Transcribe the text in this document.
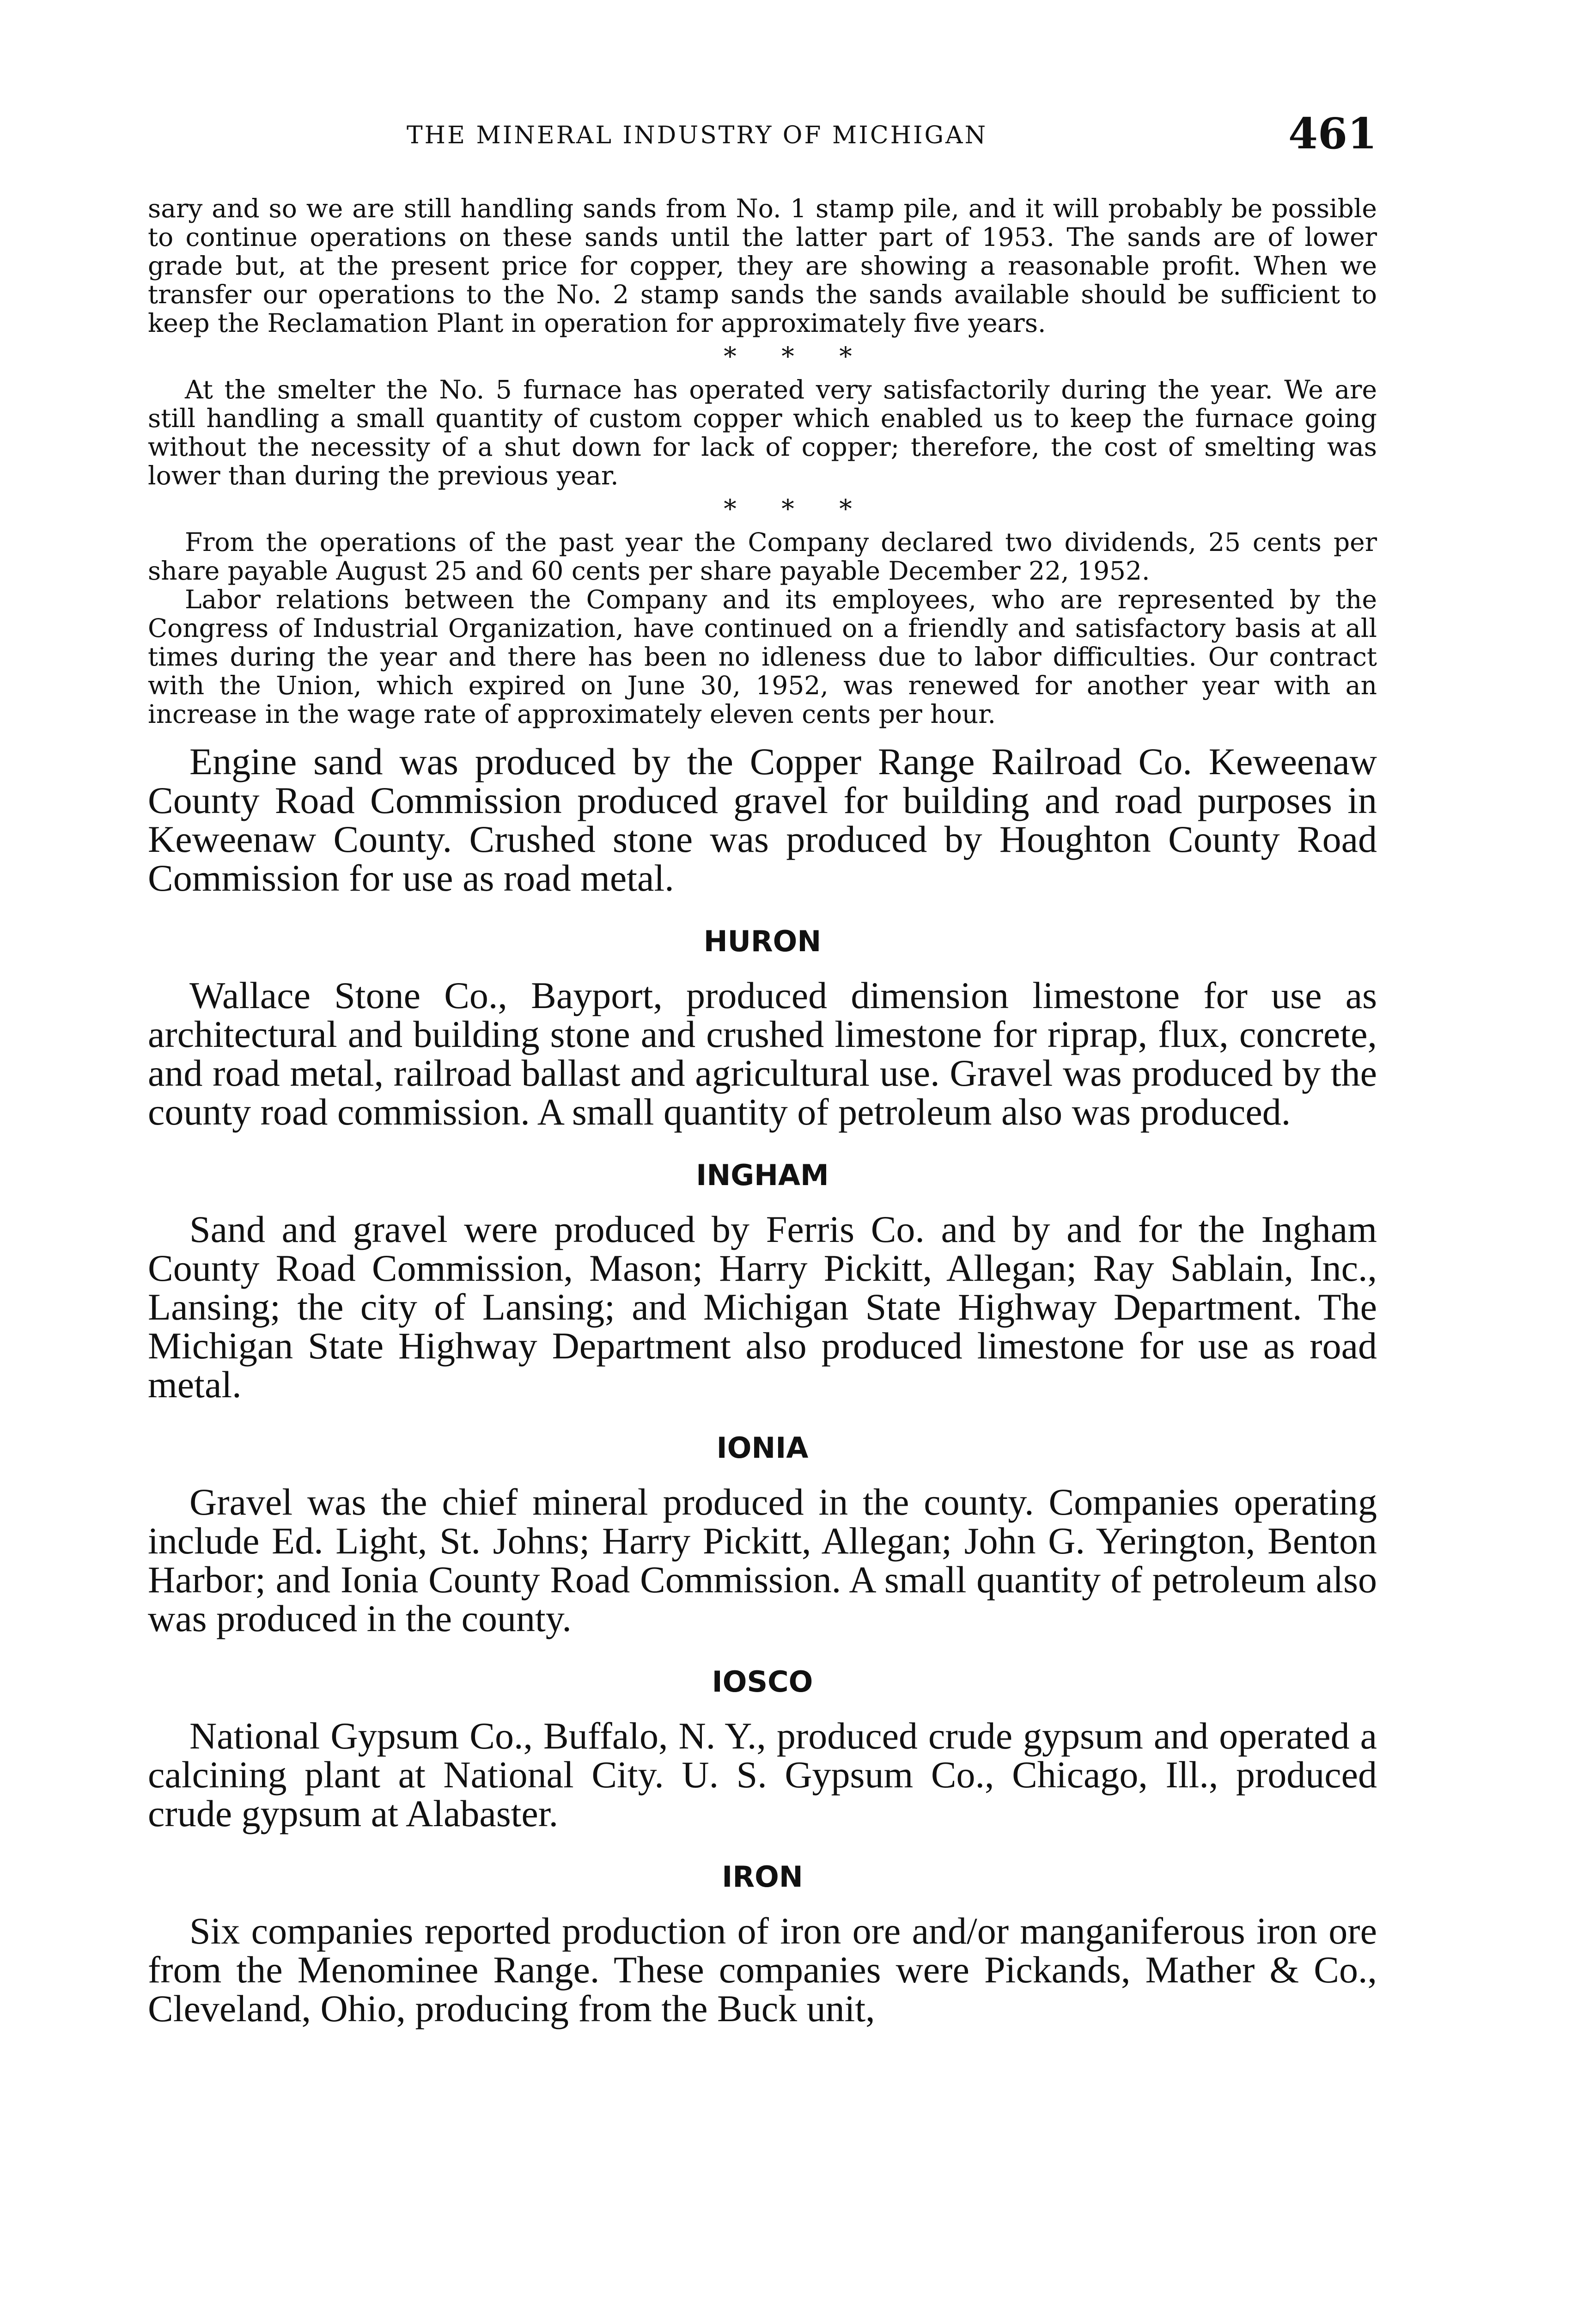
THE MINERAL INDUSTRY OF MICHIGAN	461

sary and so we are still handling sands from No. 1 stamp pile, and it will probably be possible to continue operations on these sands until the latter part of 1953. The sands are of lower grade but, at the present price for copper, they are showing a reasonable profit. When we transfer our operations to the No. 2 stamp sands the sands available should be sufficient to keep the Reclamation Plant in operation for approximately five years.

* * *

At the smelter the No. 5 furnace has operated very satisfactorily during the year. We are still handling a small quantity of custom copper which enabled us to keep the furnace going without the necessity of a shut down for lack of copper; therefore, the cost of smelting was lower than during the previous year.

* * *

From the operations of the past year the Company declared two dividends, 25 cents per share payable August 25 and 60 cents per share payable December 22, 1952.

Labor relations between the Company and its employees, who are represented by the Congress of Industrial Organization, have continued on a friendly and satisfactory basis at all times during the year and there has been no idleness due to labor difficulties. Our contract with the Union, which expired on June 30, 1952, was renewed for another year with an increase in the wage rate of approximately eleven cents per hour.

Engine sand was produced by the Copper Range Railroad Co. Keweenaw County Road Commission produced gravel for building and road purposes in Keweenaw County. Crushed stone was produced by Houghton County Road Commission for use as road metal.

HURON

Wallace Stone Co., Bayport, produced dimension limestone for use as architectural and building stone and crushed limestone for riprap, flux, concrete, and road metal, railroad ballast and agricultural use. Gravel was produced by the county road commission. A small quantity of petroleum also was produced.

INGHAM

Sand and gravel were produced by Ferris Co. and by and for the Ingham County Road Commission, Mason; Harry Pickitt, Allegan; Ray Sablain, Inc., Lansing; the city of Lansing; and Michigan State Highway Department. The Michigan State Highway Department also produced limestone for use as road metal.

IONIA

Gravel was the chief mineral produced in the county. Companies operating include Ed. Light, St. Johns; Harry Pickitt, Allegan; John G. Yerington, Benton Harbor; and Ionia County Road Commission. A small quantity of petroleum also was produced in the county.

IOSCO

National Gypsum Co., Buffalo, N. Y., produced crude gypsum and operated a calcining plant at National City. U. S. Gypsum Co., Chicago, Ill., produced crude gypsum at Alabaster.

IRON

Six companies reported production of iron ore and/or manganiferous iron ore from the Menominee Range. These companies were Pickands, Mather & Co., Cleveland, Ohio, producing from the Buck unit,
